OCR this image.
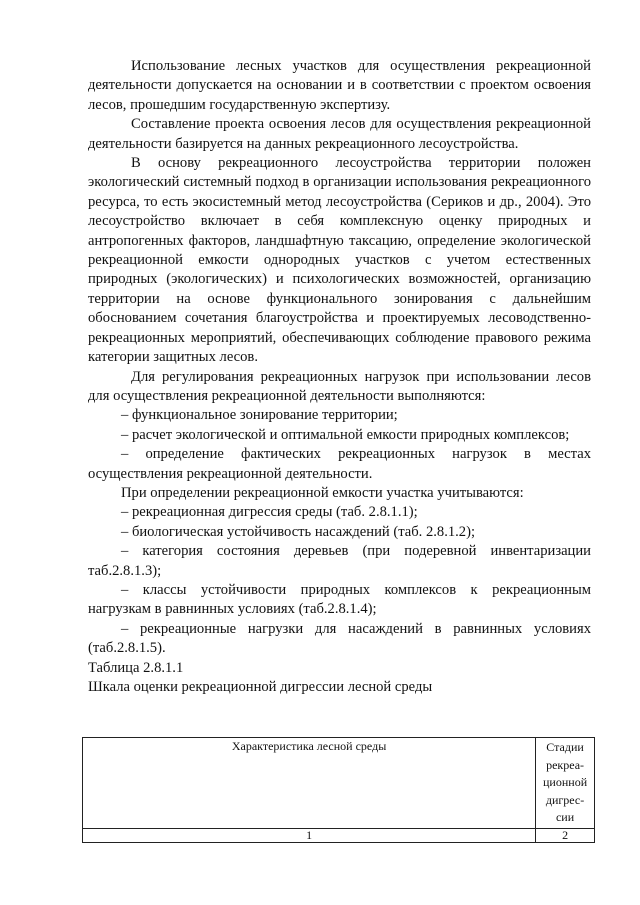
Использование лесных участков для осуществления рекреационной деятельности допускается на основании и в соответствии с проектом освоения лесов, прошедшим государственную экспертизу.

Составление проекта освоения лесов для осуществления рекреационной деятельности базируется на данных рекреационного лесоустройства.

В основу рекреационного лесоустройства территории положен экологический системный подход в организации использования рекреационного ресурса, то есть экосистемный метод лесоустройства (Сериков и др., 2004). Это лесоустройство включает в себя комплексную оценку природных и антропогенных факторов, ландшафтную таксацию, определение экологической рекреационной емкости однородных участков с учетом естественных природных (экологических) и психологических возможностей, организацию территории на основе функционального зонирования с дальнейшим обоснованием сочетания благоустройства и проектируемых лесоводственно-рекреационных мероприятий, обеспечивающих соблюдение правового режима категории защитных лесов.

Для регулирования рекреационных нагрузок при использовании лесов для осуществления рекреационной деятельности выполняются:

– функциональное зонирование территории;

– расчет экологической и оптимальной емкости природных комплексов;

– определение фактических рекреационных нагрузок в местах осуществления рекреационной деятельности.

При определении рекреационной емкости участка учитываются:

– рекреационная дигрессия среды (таб. 2.8.1.1);

– биологическая устойчивость насаждений (таб. 2.8.1.2);

– категория состояния деревьев (при подеревной инвентаризации таб.2.8.1.3);

– классы устойчивости природных комплексов к рекреационным нагрузкам в равнинных условиях (таб.2.8.1.4);

– рекреационные нагрузки для насаждений в равнинных условиях (таб.2.8.1.5).

Таблица 2.8.1.1

Шкала оценки рекреационной дигрессии лесной среды

Характеристика лесной среды	Стадии рекреа-ционной дигрес-сии
1	2
